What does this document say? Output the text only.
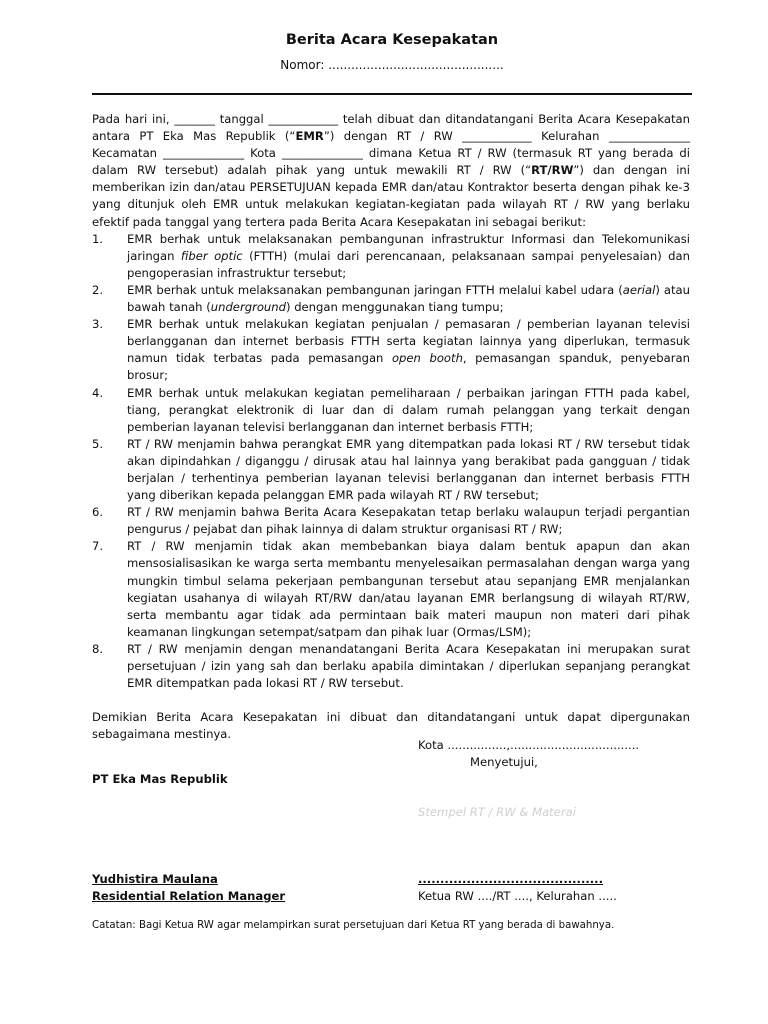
Berita Acara Kesepakatan
Nomor: ..............................................

Pada hari ini, _______ tanggal ____________ telah dibuat dan ditandatangani Berita Acara Kesepakatan antara PT Eka Mas Republik (“EMR”) dengan RT / RW ____________ Kelurahan ______________ Kecamatan ______________ Kota ______________ dimana Ketua RT / RW (termasuk RT yang berada di dalam RW tersebut) adalah pihak yang untuk mewakili RT / RW (“RT/RW”) dan dengan ini memberikan izin dan/atau PERSETUJUAN kepada EMR dan/atau Kontraktor beserta dengan pihak ke-3 yang ditunjuk oleh EMR untuk melakukan kegiatan-kegiatan pada wilayah RT / RW yang berlaku efektif pada tanggal yang tertera pada Berita Acara Kesepakatan ini sebagai berikut:

1. EMR berhak untuk melaksanakan pembangunan infrastruktur Informasi dan Telekomunikasi jaringan fiber optic (FTTH) (mulai dari perencanaan, pelaksanaan sampai penyelesaian) dan pengoperasian infrastruktur tersebut;
2. EMR berhak untuk melaksanakan pembangunan jaringan FTTH melalui kabel udara (aerial) atau bawah tanah (underground) dengan menggunakan tiang tumpu;
3. EMR berhak untuk melakukan kegiatan penjualan / pemasaran / pemberian layanan televisi berlangganan dan internet berbasis FTTH serta kegiatan lainnya yang diperlukan, termasuk namun tidak terbatas pada pemasangan open booth, pemasangan spanduk, penyebaran brosur;
4. EMR berhak untuk melakukan kegiatan pemeliharaan / perbaikan jaringan FTTH pada kabel, tiang, perangkat elektronik di luar dan di dalam rumah pelanggan yang terkait dengan pemberian layanan televisi berlangganan dan internet berbasis FTTH;
5. RT / RW menjamin bahwa perangkat EMR yang ditempatkan pada lokasi RT / RW tersebut tidak akan dipindahkan / diganggu / dirusak atau hal lainnya yang berakibat pada gangguan / tidak berjalan / terhentinya pemberian layanan televisi berlangganan dan internet berbasis FTTH yang diberikan kepada pelanggan EMR pada wilayah RT / RW tersebut;
6. RT / RW menjamin bahwa Berita Acara Kesepakatan tetap berlaku walaupun terjadi pergantian pengurus / pejabat dan pihak lainnya di dalam struktur organisasi RT / RW;
7. RT / RW menjamin tidak akan membebankan biaya dalam bentuk apapun dan akan mensosialisasikan ke warga serta membantu menyelesaikan permasalahan dengan warga yang mungkin timbul selama pekerjaan pembangunan tersebut atau sepanjang EMR menjalankan kegiatan usahanya di wilayah RT/RW dan/atau layanan EMR berlangsung di wilayah RT/RW, serta membantu agar tidak ada permintaan baik materi maupun non materi dari pihak keamanan lingkungan setempat/satpam dan pihak luar (Ormas/LSM);
8. RT / RW menjamin dengan menandatangani Berita Acara Kesepakatan ini merupakan surat persetujuan / izin yang sah dan berlaku apabila dimintakan / diperlukan sepanjang perangkat EMR ditempatkan pada lokasi RT / RW tersebut.

Demikian Berita Acara Kesepakatan ini dibuat dan ditandatangani untuk dapat dipergunakan sebagaimana mestinya.

Kota ................,...................................
Menyetujui,
PT Eka Mas Republik
Stempel RT / RW & Materai
Yudhistira Maulana
Residential Relation Manager
..........................................
Ketua RW ..../RT ...., Kelurahan .....
Catatan: Bagi Ketua RW agar melampirkan surat persetujuan dari Ketua RT yang berada di bawahnya.
